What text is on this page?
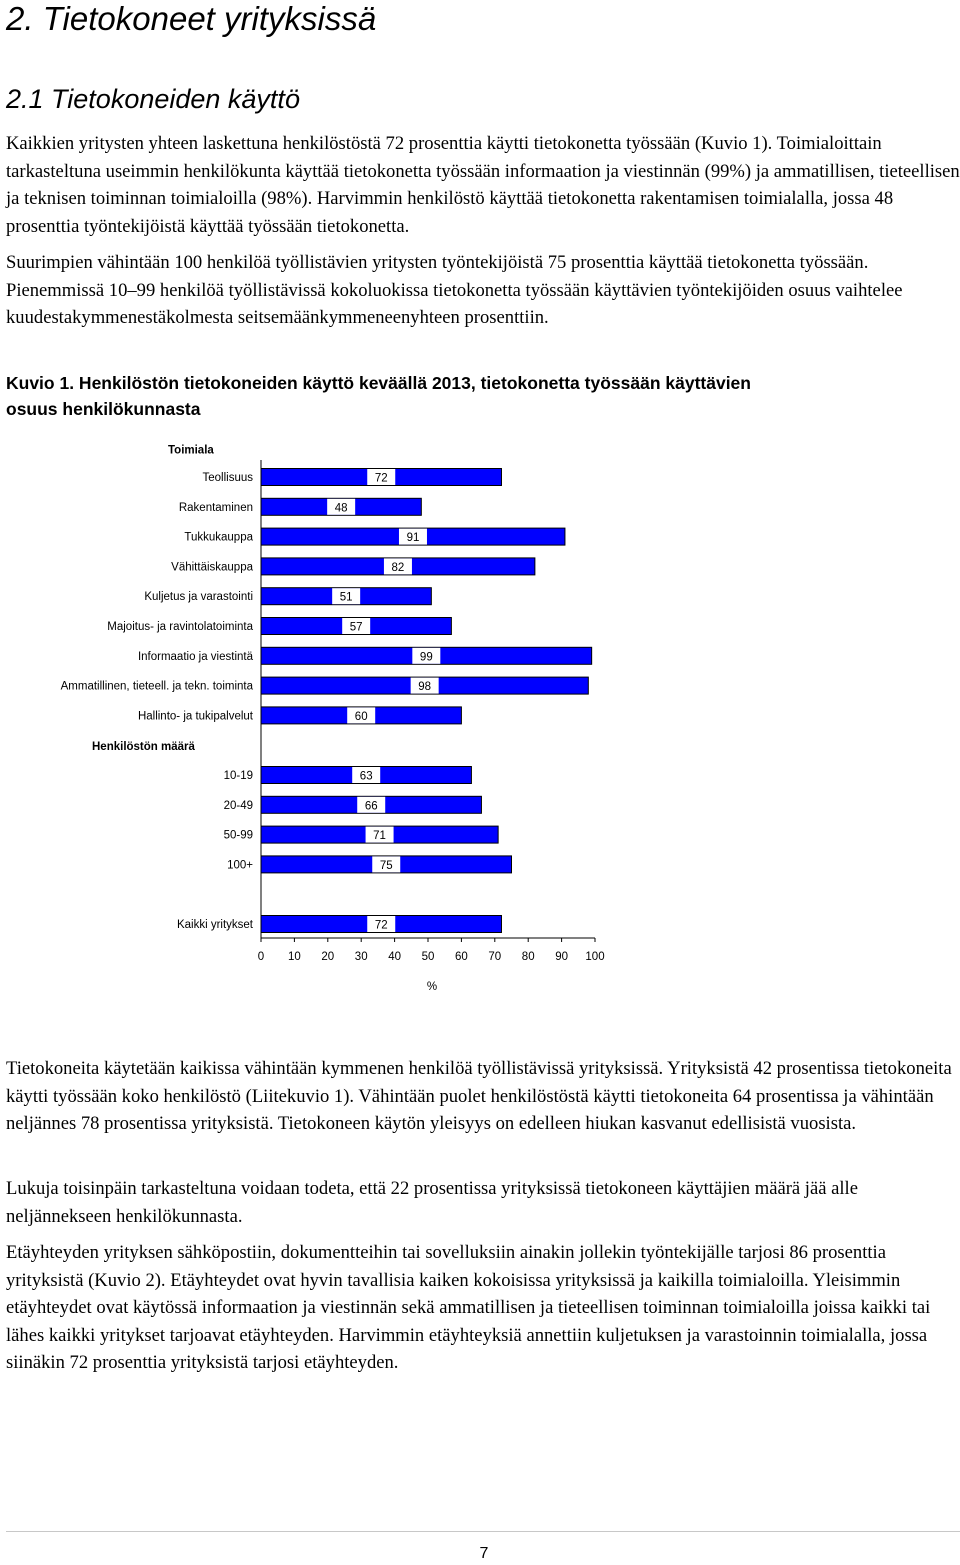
2. Tietokoneet yrityksissä
2.1 Tietokoneiden käyttö

Kaikkien yritysten yhteen laskettuna henkilöstöstä 72 prosenttia käytti tietokonetta työssään (Kuvio 1). Toimialoittain tarkasteltuna useimmin henkilökunta käyttää tietokonetta työssään informaation ja viestinnän (99%) ja ammatillisen, tieteellisen ja teknisen toiminnan toimialoilla (98%). Harvimmin henkilöstö käyttää tietokonetta rakentamisen toimialalla, jossa 48 prosenttia työntekijöistä käyttää työssään tietokonetta.

Suurimpien vähintään 100 henkilöä työllistävien yritysten työntekijöistä 75 prosenttia käyttää tietokonetta työssään. Pienemmissä 10–99 henkilöä työllistävissä kokoluokissa tietokonetta työssään käyttävien työntekijöiden osuus vaihtelee kuudestakymmenestäkolmesta seitsemäänkymmeneenyhteen prosenttiin.

Kuvio 1. Henkilöstön tietokoneiden käyttö keväällä 2013, tietokonetta työssään käyttävien osuus henkilökunnasta

Toimiala
Teollisuus	72
Rakentaminen	48
Tukkukauppa	91
Vähittäiskauppa	82
Kuljetus ja varastointi	51
Majoitus- ja ravintolatoiminta	57
Informaatio ja viestintä	99
Ammatillinen, tieteell. ja tekn. toiminta	98
Hallinto- ja tukipalvelut	60
Henkilöstön määrä
10-19	63
20-49	66
50-99	71
100+	75
Kaikki yritykset	72
0 10 20 30 40 50 60 70 80 90 100
%

Tietokoneita käytetään kaikissa vähintään kymmenen henkilöä työllistävissä yrityksissä. Yrityksistä 42 prosentissa tietokoneita käytti työssään koko henkilöstö (Liitekuvio 1). Vähintään puolet henkilöstöstä käytti tietokoneita 64 prosentissa ja vähintään neljännes 78 prosentissa yrityksistä. Tietokoneen käytön yleisyys on edelleen hiukan kasvanut edellisistä vuosista.

Lukuja toisinpäin tarkasteltuna voidaan todeta, että 22 prosentissa yrityksissä tietokoneen käyttäjien määrä jää alle neljännekseen henkilökunnasta.

Etäyhteyden yrityksen sähköpostiin, dokumentteihin tai sovelluksiin ainakin jollekin työntekijälle tarjosi 86 prosenttia yrityksistä (Kuvio 2). Etäyhteydet ovat hyvin tavallisia kaiken kokoisissa yrityksissä ja kaikilla toimialoilla. Yleisimmin etäyhteydet ovat käytössä informaation ja viestinnän sekä ammatillisen ja tieteellisen toiminnan toimialoilla joissa kaikki tai lähes kaikki yritykset tarjoavat etäyhteyden. Harvimmin etäyhteyksiä annettiin kuljetuksen ja varastoinnin toimialalla, jossa siinäkin 72 prosenttia yrityksistä tarjosi etäyhteyden.

7
